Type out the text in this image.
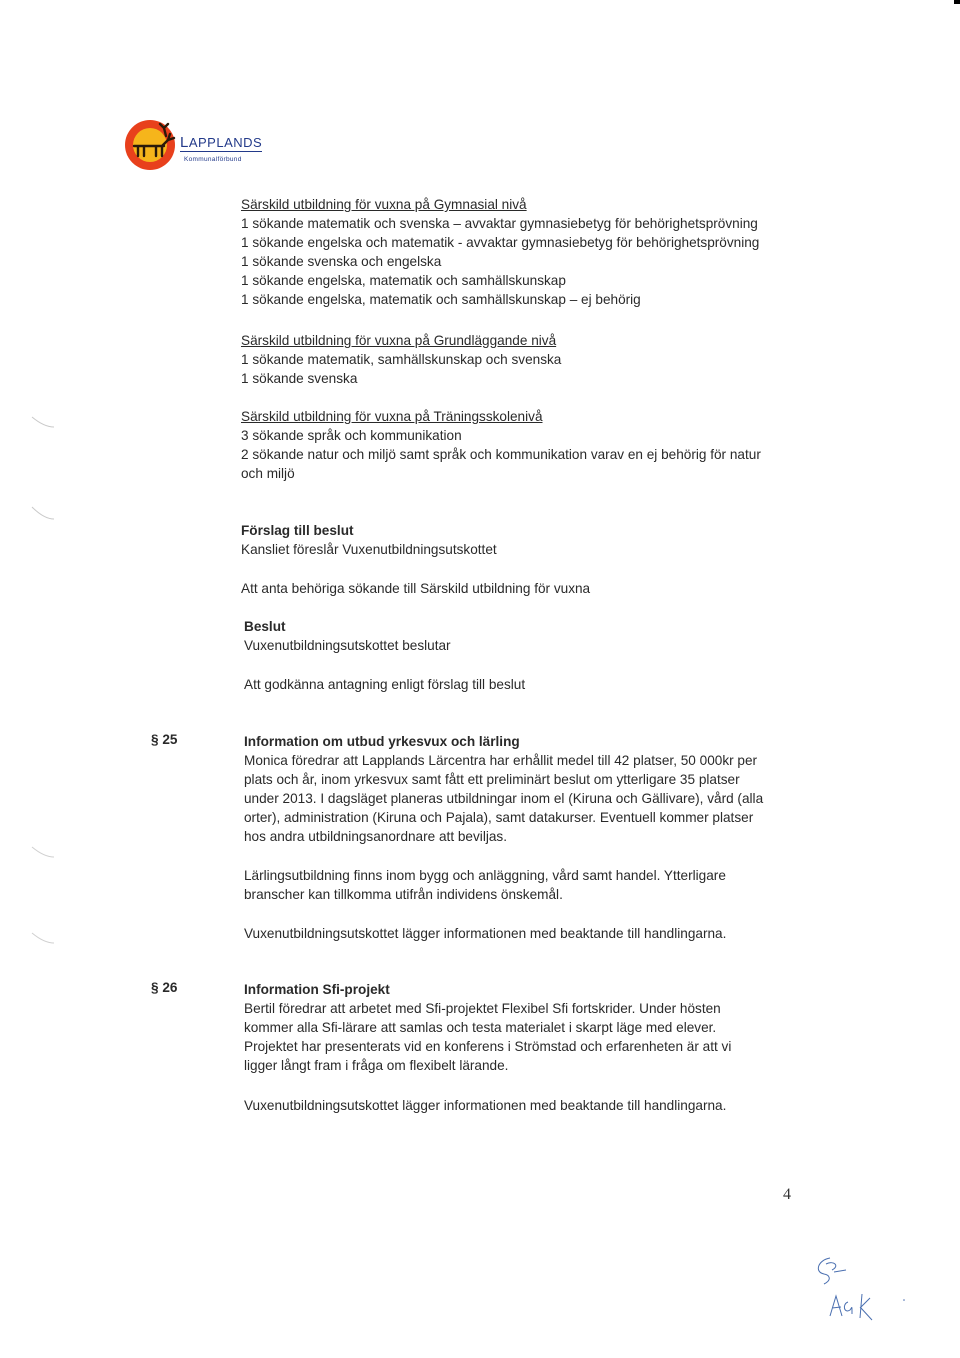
LAPPLANDS
Kommunalförbund
Särskild utbildning för vuxna på Gymnasial nivå
1 sökande matematik och svenska – avvaktar gymnasiebetyg för behörighetsprövning
1 sökande engelska och matematik - avvaktar gymnasiebetyg för behörighetsprövning
1 sökande svenska och engelska
1 sökande engelska, matematik och samhällskunskap
1 sökande engelska, matematik och samhällskunskap – ej behörig
Särskild utbildning för vuxna på Grundläggande nivå
1 sökande matematik, samhällskunskap och svenska
1 sökande svenska
Särskild utbildning för vuxna på Träningsskolenivå
3 sökande språk och kommunikation
2 sökande natur och miljö samt språk och kommunikation varav en ej behörig för natur
och miljö
Förslag till beslut
Kansliet föreslår Vuxenutbildningsutskottet
Att anta behöriga sökande till Särskild utbildning för vuxna
Beslut
Vuxenutbildningsutskottet beslutar
Att godkänna antagning enligt förslag till beslut
§ 25	Information om utbud yrkesvux och lärling
Monica föredrar att Lapplands Lärcentra har erhållit medel till 42 platser, 50 000kr per
plats och år, inom yrkesvux samt fått ett preliminärt beslut om ytterligare 35 platser
under 2013. I dagsläget planeras utbildningar inom el (Kiruna och Gällivare), vård (alla
orter), administration (Kiruna och Pajala), samt datakurser. Eventuell kommer platser
hos andra utbildningsanordnare att beviljas.
Lärlingsutbildning finns inom bygg och anläggning, vård samt handel. Ytterligare
branscher kan tillkomma utifrån individens önskemål.
Vuxenutbildningsutskottet lägger informationen med beaktande till handlingarna.
§ 26	Information Sfi-projekt
Bertil föredrar att arbetet med Sfi-projektet Flexibel Sfi fortskrider. Under hösten
kommer alla Sfi-lärare att samlas och testa materialet i skarpt läge med elever.
Projektet har presenterats vid en konferens i Strömstad och erfarenheten är att vi
ligger långt fram i fråga om flexibelt lärande.
Vuxenutbildningsutskottet lägger informationen med beaktande till handlingarna.
4
